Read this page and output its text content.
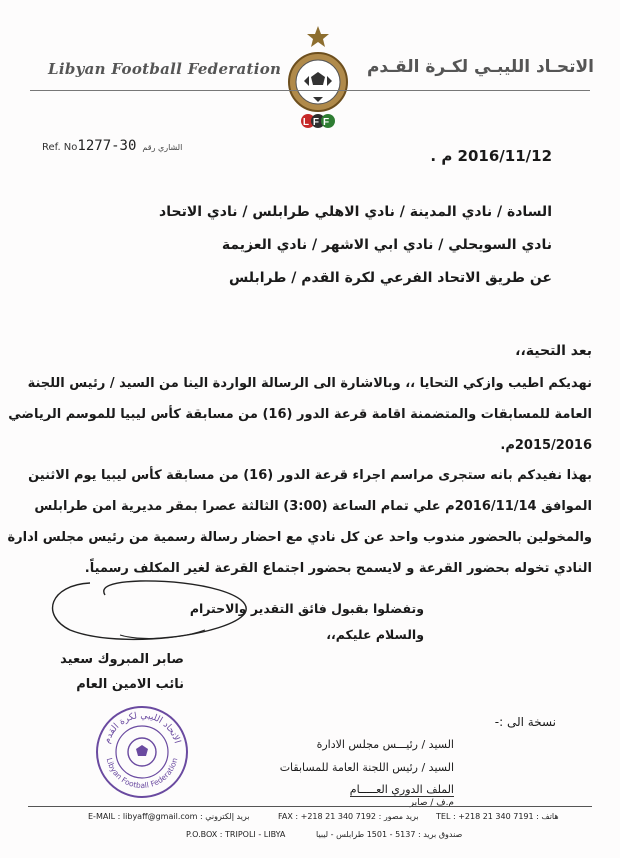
Libyan Football Federation
LFF
الاتحـاد الليبـي لكـرة القـدم
Ref. No1277-30 الشاري رقم	2016/11/12 م .
السادة / نادي المدينة / نادي الاهلي طرابلس / نادي الاتحاد
نادي السويحلي / نادي ابي الاشهر / نادي العزيمة
عن طريق الاتحاد الفرعي لكرة القدم / طرابلس
بعد التحية،،
نهديكم اطيب وازكي التحايا ،، وبالاشارة الى الرسالة الواردة الينا من السيد / رئيس اللجنة
العامة للمسابقات والمتضمنة اقامة قرعة الدور (16) من مسابقة كأس ليبيا للموسم الرياضي
2015/2016م.
بهذا نفيدكم بانه ستجرى مراسم اجراء قرعة الدور (16) من مسابقة كأس ليبيا يوم الاثنين
الموافق 2016/11/14م علي تمام الساعة (3:00) الثالثة عصرا بمقر مديرية امن طرابلس
والمخولين بالحضور مندوب واحد عن كل نادي مع احضار رسالة رسمية من رئيس مجلس ادارة
النادي تخوله بحضور القرعة و لايسمح بحضور اجتماع القرعة لغير المكلف رسمياً.
وتفضلوا بقبول فائق التقدير والاحترام
والسلام عليكم،،
صابر المبروك سعيد
نائب الامين العام
الاتحاد الليبي لكرة القدم
Libyan Football Federation
نسخة الى :-
السيد / رئيـــس مجلس الادارة
السيد / رئيس اللجنة العامة للمسابقات
الملف الدوري العـــــام
م.ف / صابر
E-MAIL : libyaff@gmail.com : بريد إلكتروني	FAX : +218 21 340 7192 : بريد مصور TEL : +218 21 340 7191 : هاتف
P.O.BOX : TRIPOLI - LIBYA	صندوق بريد : 5137 - 1501 طرابلس - ليبيا
